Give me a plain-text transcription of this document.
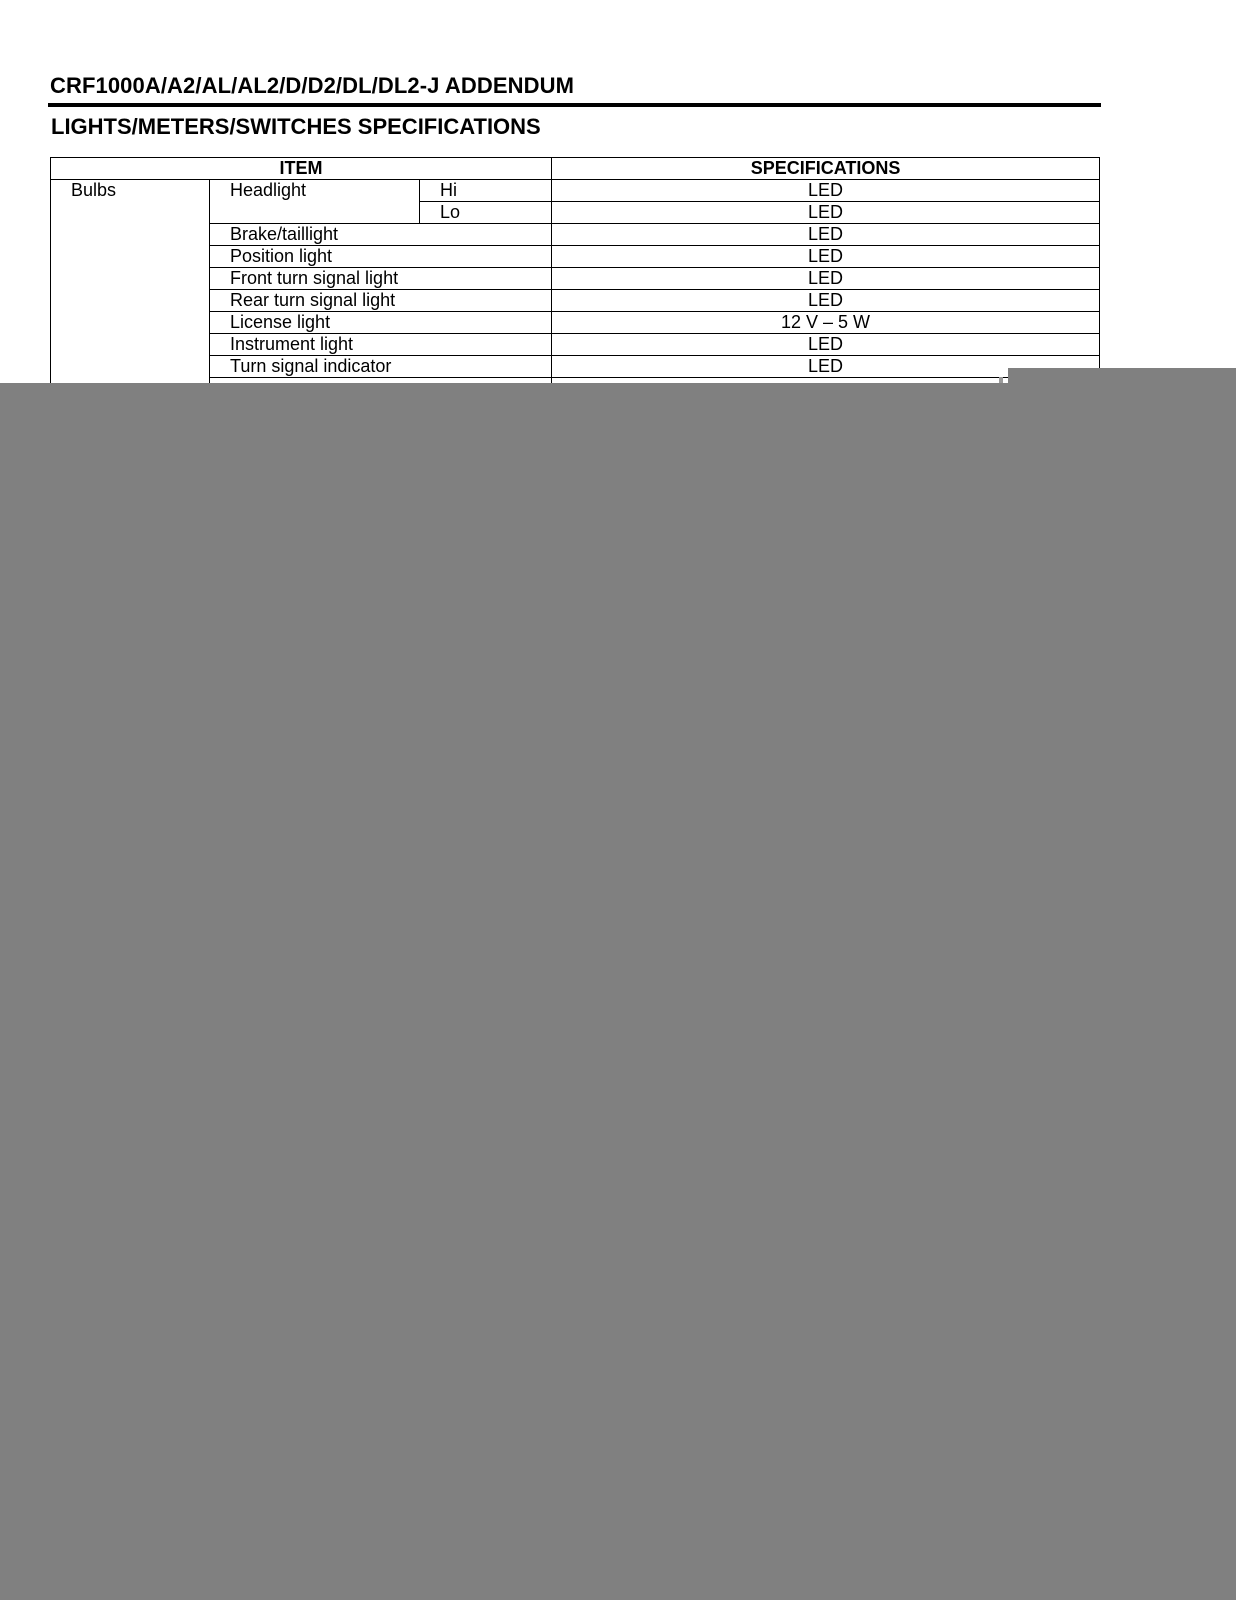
CRF1000A/A2/AL/AL2/D/D2/DL/DL2-J ADDENDUM
LIGHTS/METERS/SWITCHES SPECIFICATIONS
ITEM			SPECIFICATIONS
Bulbs	Headlight	Hi	LED
		Lo	LED
	Brake/taillight		LED
	Position light		LED
	Front turn signal light		LED
	Rear turn signal light		LED
	License light		12 V – 5 W
	Instrument light		LED
	Turn signal indicator		LED
